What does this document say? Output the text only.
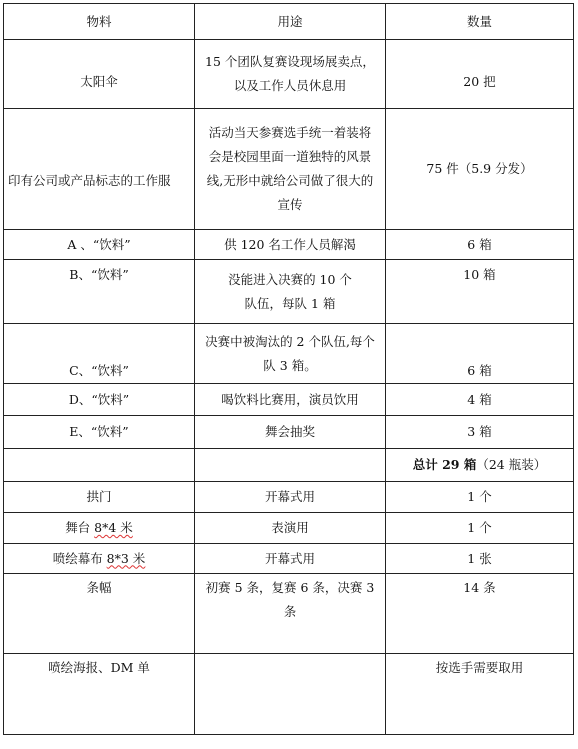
物料	用途	数量
太阳伞	15 个团队复赛设现场展卖点，以及工作人员休息用	20 把
印有公司或产品标志的工作服	活动当天参赛选手统一着装将会是校园里面一道独特的风景线,无形中就给公司做了很大的宣传	75 件（5.9 分发）
A 、“饮料”	供 120 名工作人员解渴	6 箱
B、“饮料”	没能进入决赛的 10 个队伍，每队 1 箱	10 箱
C、“饮料”	决赛中被淘汰的 2 个队伍,每个队 3 箱。	6 箱
D、“饮料”	喝饮料比赛用，演员饮用	4 箱
E、“饮料”	舞会抽奖	3 箱
		总计 29 箱（24 瓶装）
拱门	开幕式用	1 个
舞台 8*4 米	表演用	1 个
喷绘幕布 8*3 米	开幕式用	1 张
条幅	初赛 5 条，复赛 6 条，决赛 3 条	14 条
喷绘海报、DM 单		按选手需要取用
